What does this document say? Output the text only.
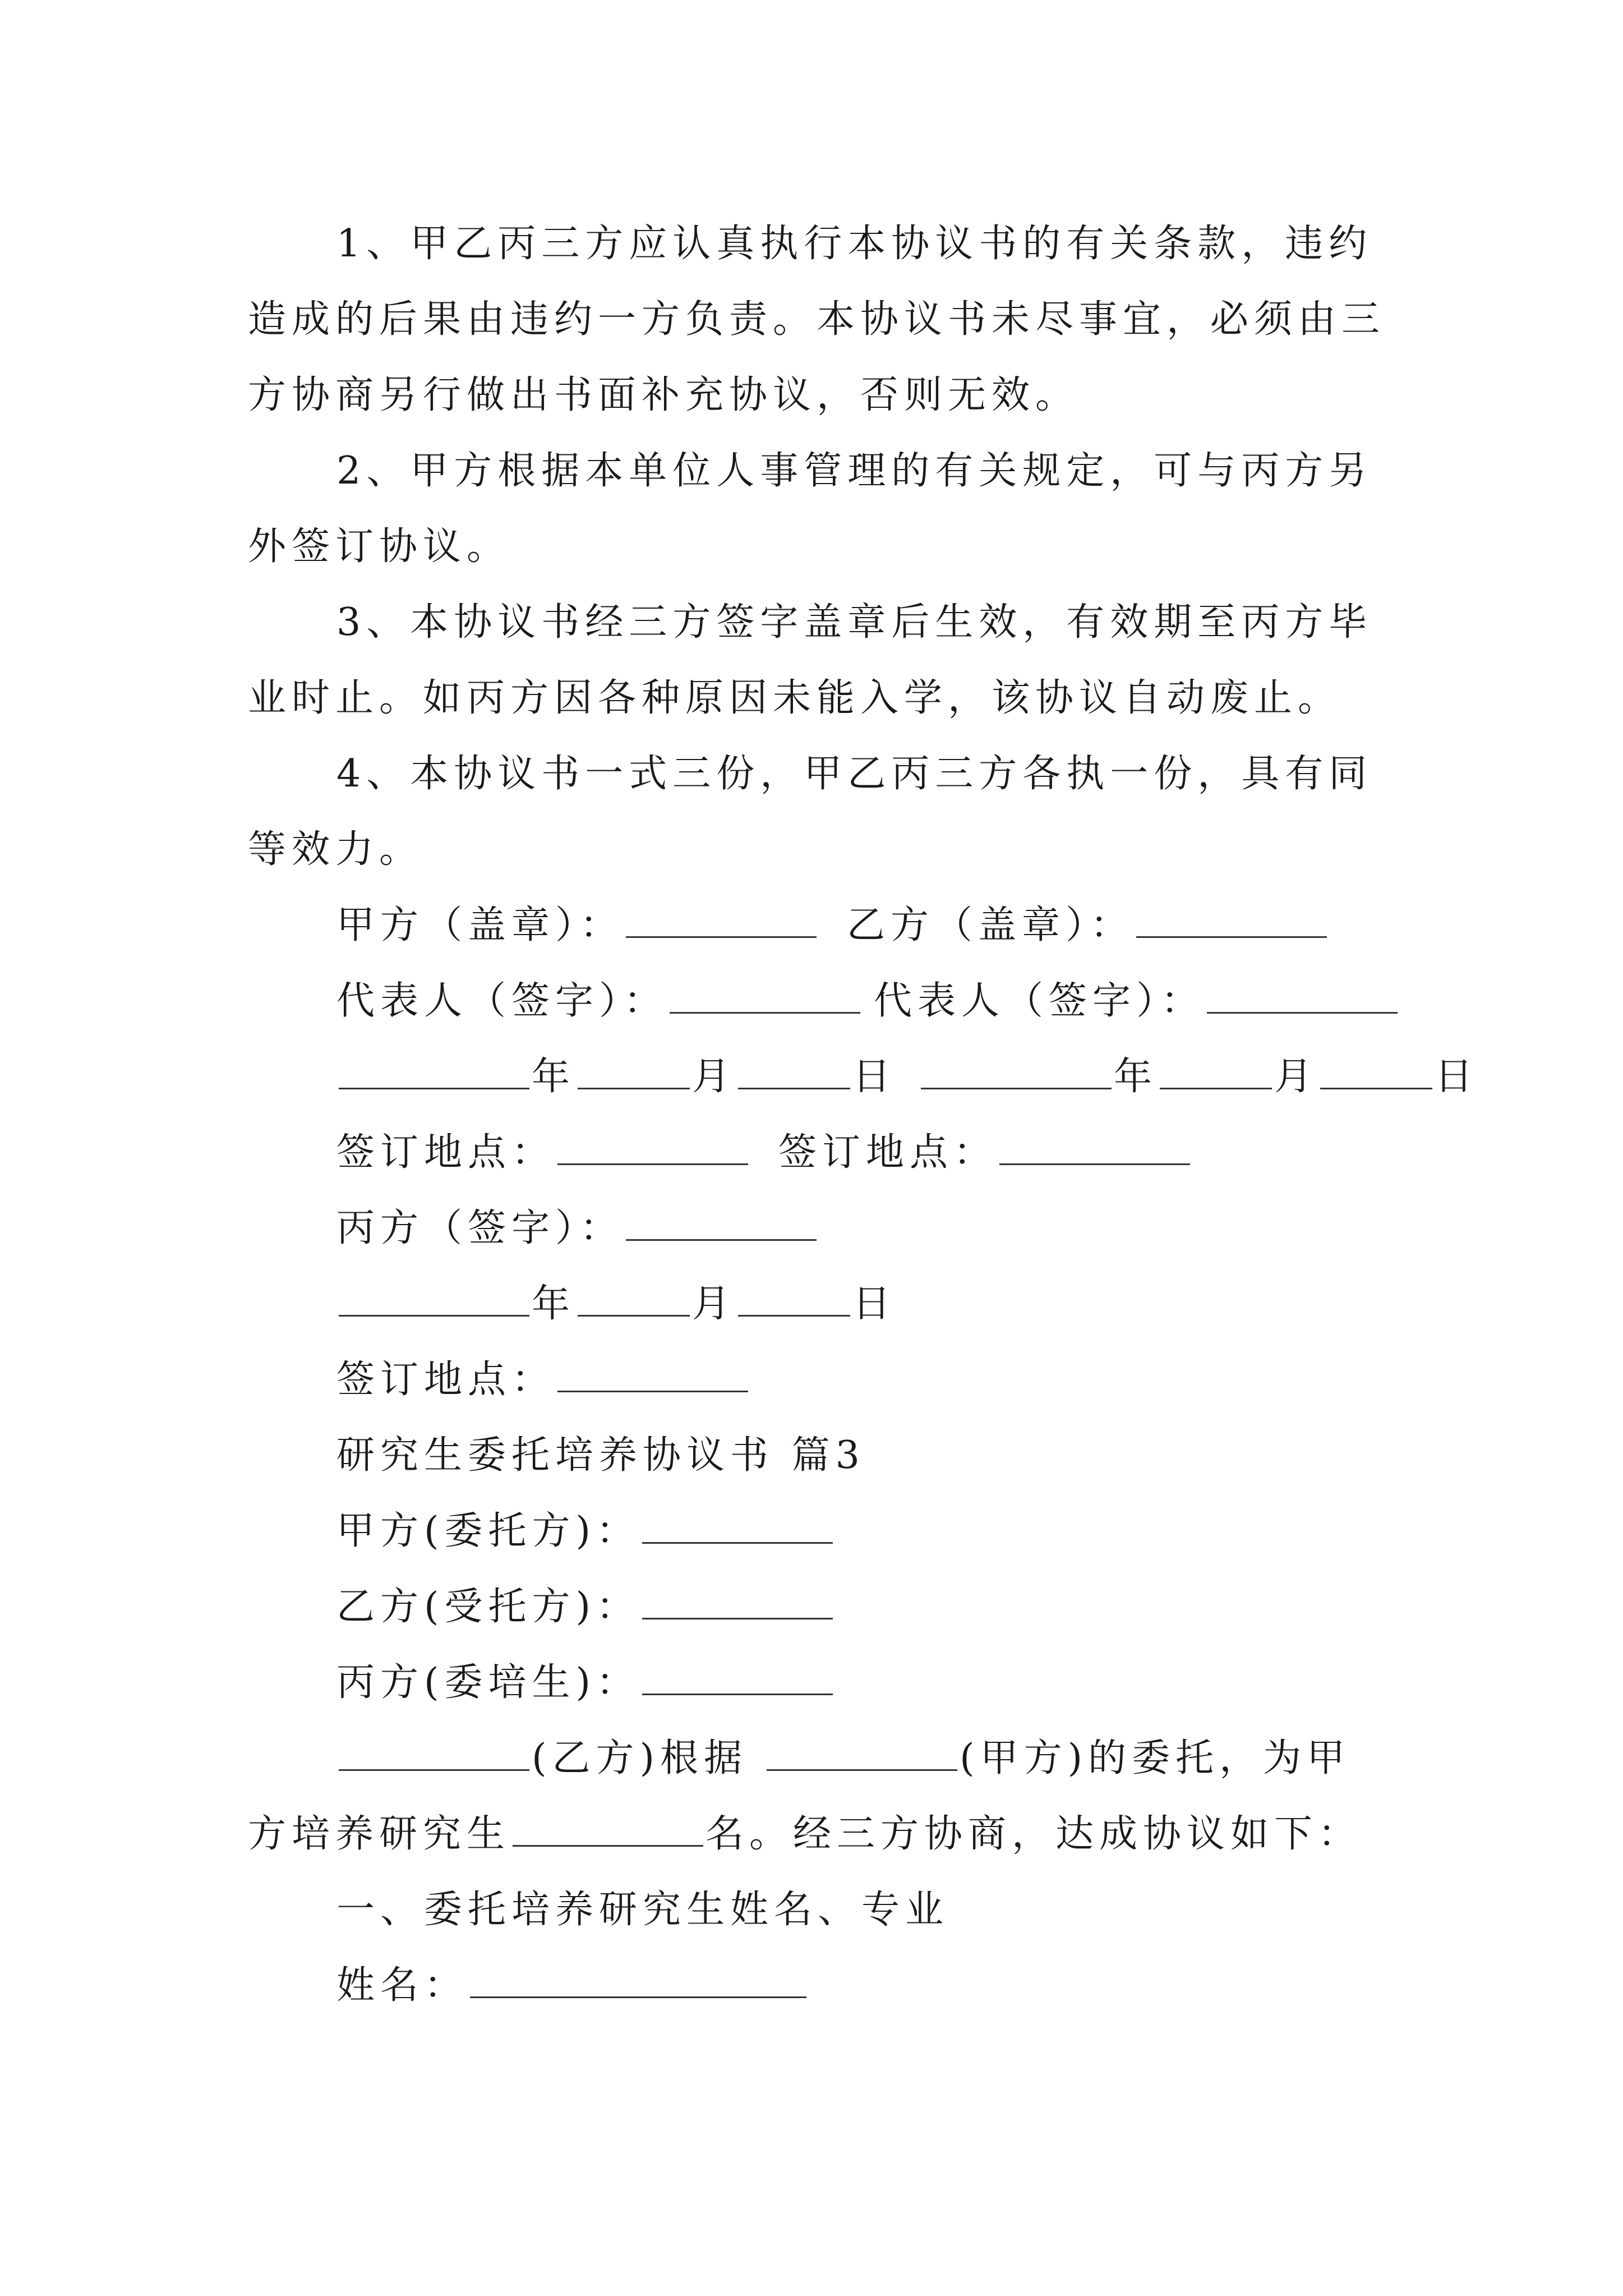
1、甲乙丙三方应认真执行本协议书的有关条款，违约
造成的后果由违约一方负责。本协议书未尽事宜，必须由三
方协商另行做出书面补充协议，否则无效。
2、甲方根据本单位人事管理的有关规定，可与丙方另
外签订协议。
3、本协议书经三方签字盖章后生效，有效期至丙方毕
业时止。如丙方因各种原因未能入学，该协议自动废止。
4、本协议书一式三份，甲乙丙三方各执一份，具有同
等效力。
甲方（盖章）：	乙方（盖章）：
代表人（签字）：	代表人（签字）：
年	月	日	年	月	日
签订地点：	签订地点：
丙方（签字）：
年	月	日
签订地点：
研究生委托培养协议书 篇3
甲方(委托方)：
乙方(受托方)：
丙方(委培生)：
(乙方)根据	(甲方)的委托，为甲
方培养研究生	名。经三方协商，达成协议如下：
一、委托培养研究生姓名、专业
姓名：
